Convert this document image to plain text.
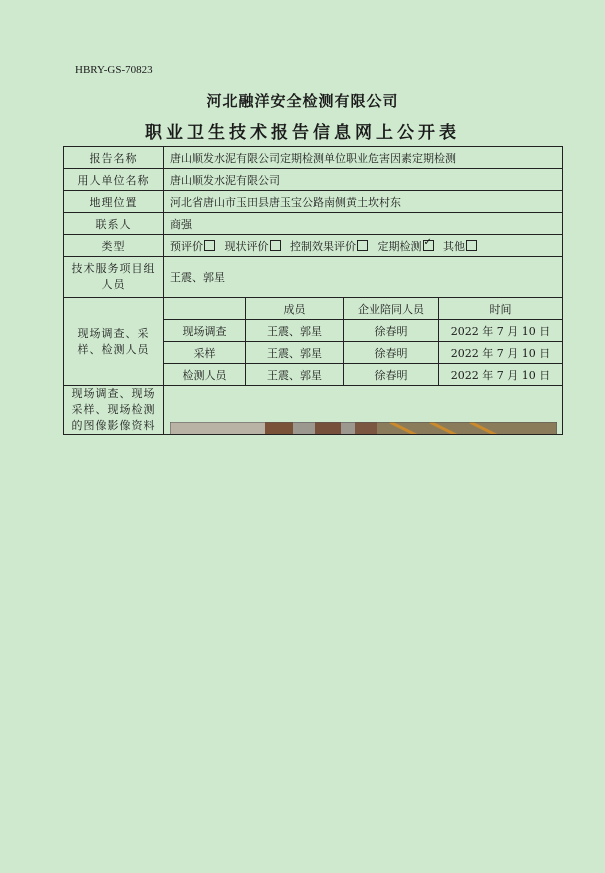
HBRY-GS-70823
河北融洋安全检测有限公司
职业卫生技术报告信息网上公开表
报告名称	唐山顺发水泥有限公司定期检测单位职业危害因素定期检测			
用人单位名称	唐山顺发水泥有限公司			
地理位置	河北省唐山市玉田县唐玉宝公路南侧黄土坎村东			
联系人	商强			
类型	预评价 现状评价 控制效果评价 定期检测 ✓ 其他
技术服务项目组人员	王震、郭星			
现场调查、采样、检测人员		成员	企业陪同人员	时间
	现场调查	王震、郭星	徐春明	2022 年 7 月 10 日
	采样	王震、郭星	徐春明	2022 年 7 月 10 日
	检测人员	王震、郭星	徐春明	2022 年 7 月 10 日
现场调查、现场采样、现场检测的图像影像资料	
